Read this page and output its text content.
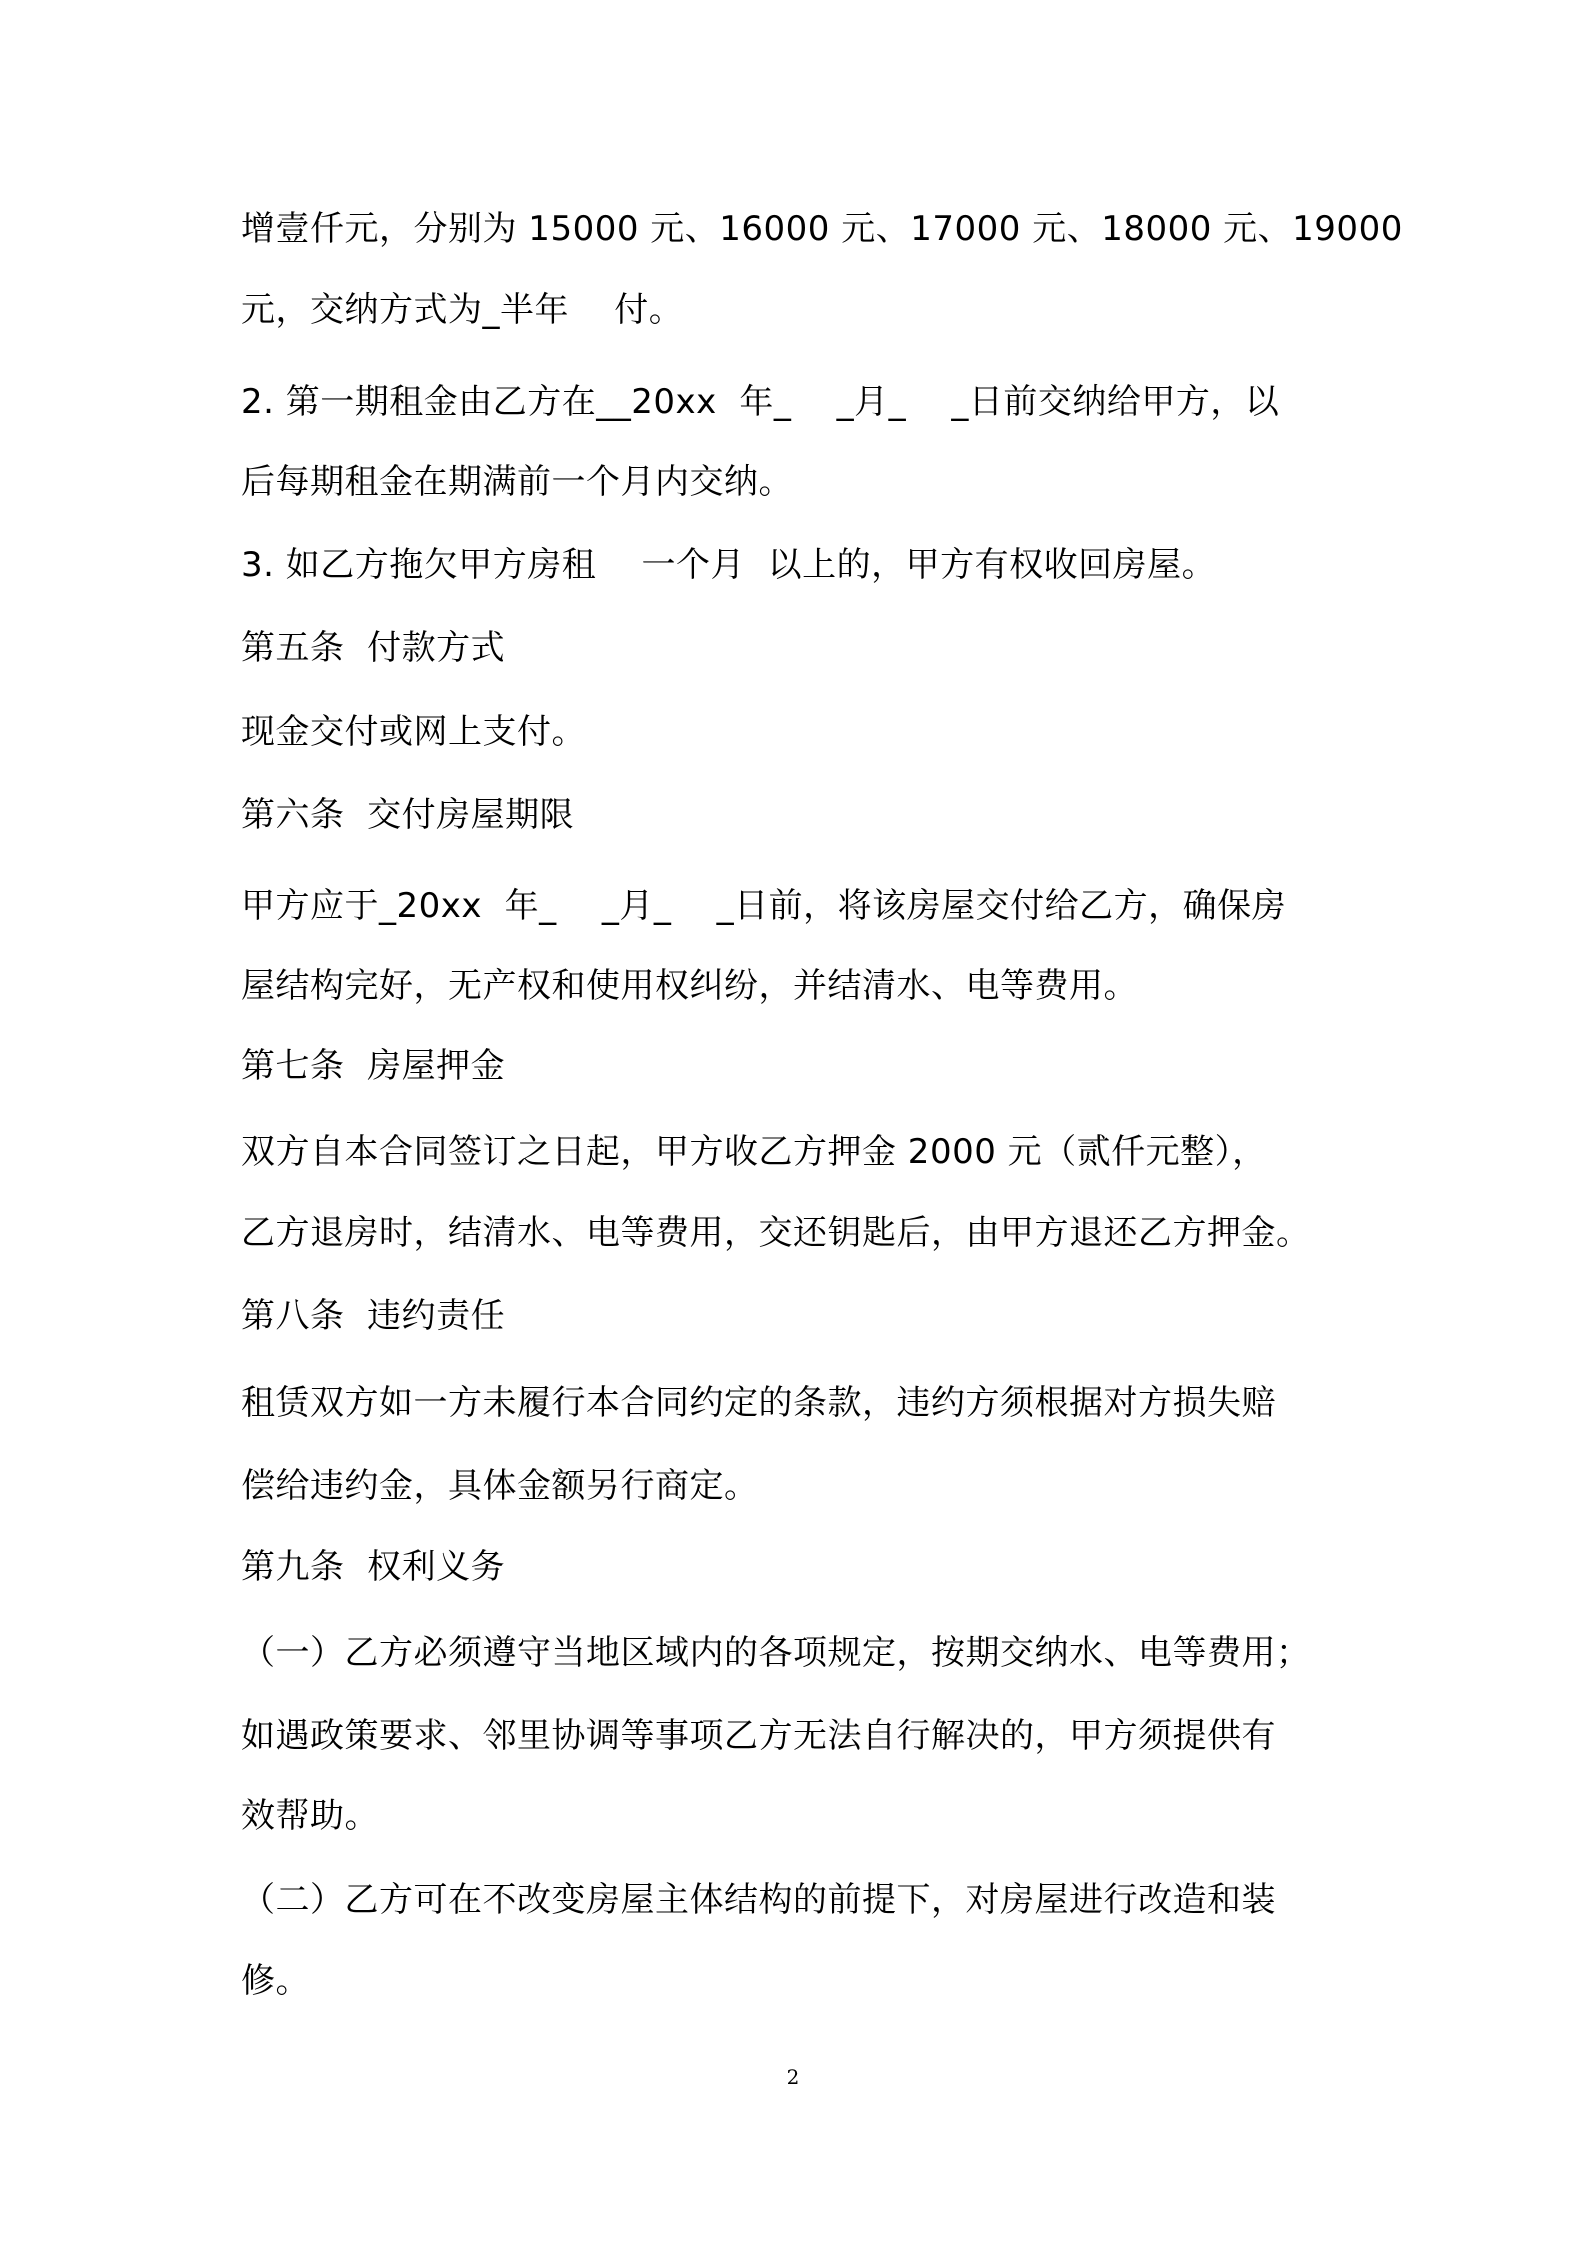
增壹仟元，分别为 15000 元、16000 元、17000 元、18000 元、19000

元，交纳方式为_半年    付。

2. 第一期租金由乙方在__20xx  年_    _月_    _日前交纳给甲方，以

后每期租金在期满前一个月内交纳。

3. 如乙方拖欠甲方房租    一个月  以上的，甲方有权收回房屋。

第五条  付款方式

现金交付或网上支付。

第六条  交付房屋期限

甲方应于_20xx  年_    _月_    _日前，将该房屋交付给乙方，确保房

屋结构完好，无产权和使用权纠纷，并结清水、电等费用。

第七条  房屋押金

双方自本合同签订之日起，甲方收乙方押金 2000 元（贰仟元整），

乙方退房时，结清水、电等费用，交还钥匙后，由甲方退还乙方押金。

第八条  违约责任

租赁双方如一方未履行本合同约定的条款，违约方须根据对方损失赔

偿给违约金，具体金额另行商定。

第九条  权利义务

（一）乙方必须遵守当地区域内的各项规定，按期交纳水、电等费用；

如遇政策要求、邻里协调等事项乙方无法自行解决的，甲方须提供有

效帮助。

（二）乙方可在不改变房屋主体结构的前提下，对房屋进行改造和装

修。

2
